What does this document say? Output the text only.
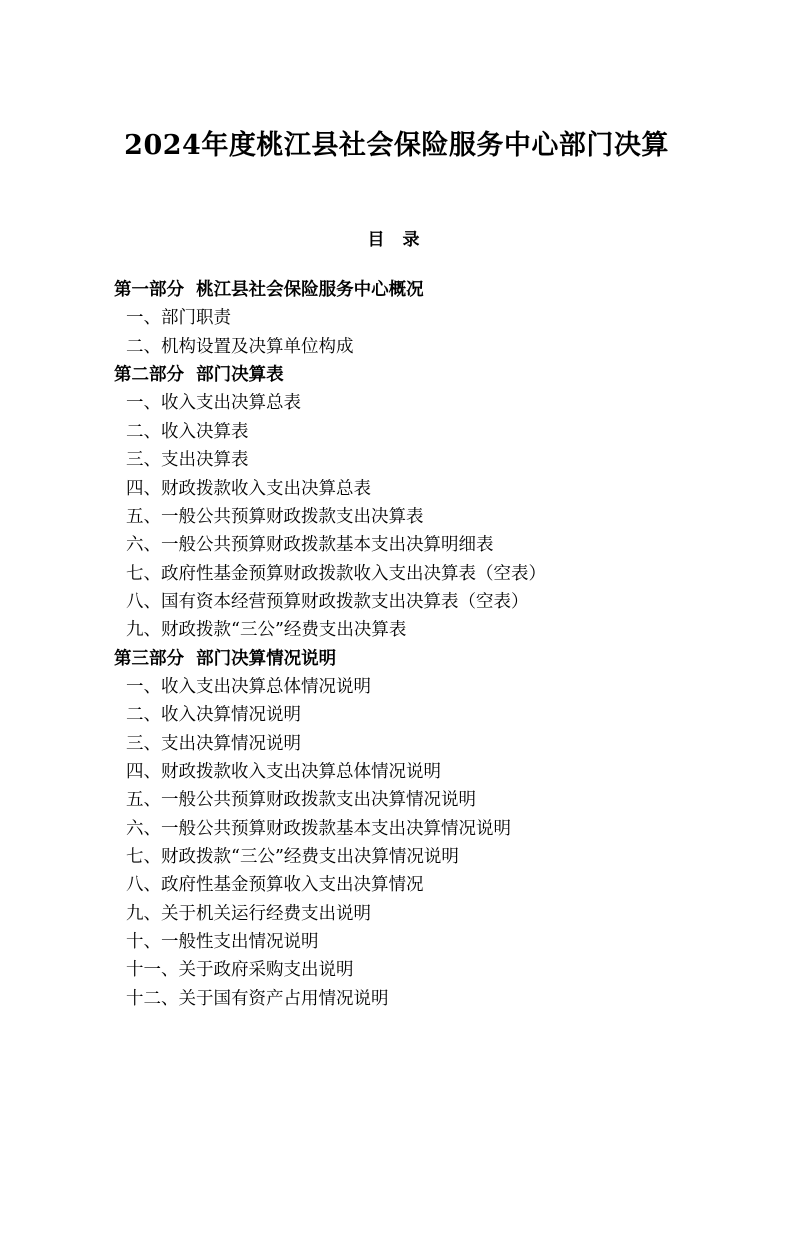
2024年度桃江县社会保险服务中心部门决算
目 录
第一部分  桃江县社会保险服务中心概况
一、部门职责
二、机构设置及决算单位构成
第二部分  部门决算表
一、收入支出决算总表
二、收入决算表
三、支出决算表
四、财政拨款收入支出决算总表
五、一般公共预算财政拨款支出决算表
六、一般公共预算财政拨款基本支出决算明细表
七、政府性基金预算财政拨款收入支出决算表（空表）
八、国有资本经营预算财政拨款支出决算表（空表）
九、财政拨款“三公”经费支出决算表
第三部分  部门决算情况说明
一、收入支出决算总体情况说明
二、收入决算情况说明
三、支出决算情况说明
四、财政拨款收入支出决算总体情况说明
五、一般公共预算财政拨款支出决算情况说明
六、一般公共预算财政拨款基本支出决算情况说明
七、财政拨款“三公”经费支出决算情况说明
八、政府性基金预算收入支出决算情况
九、关于机关运行经费支出说明
十、一般性支出情况说明
十一、关于政府采购支出说明
十二、关于国有资产占用情况说明
